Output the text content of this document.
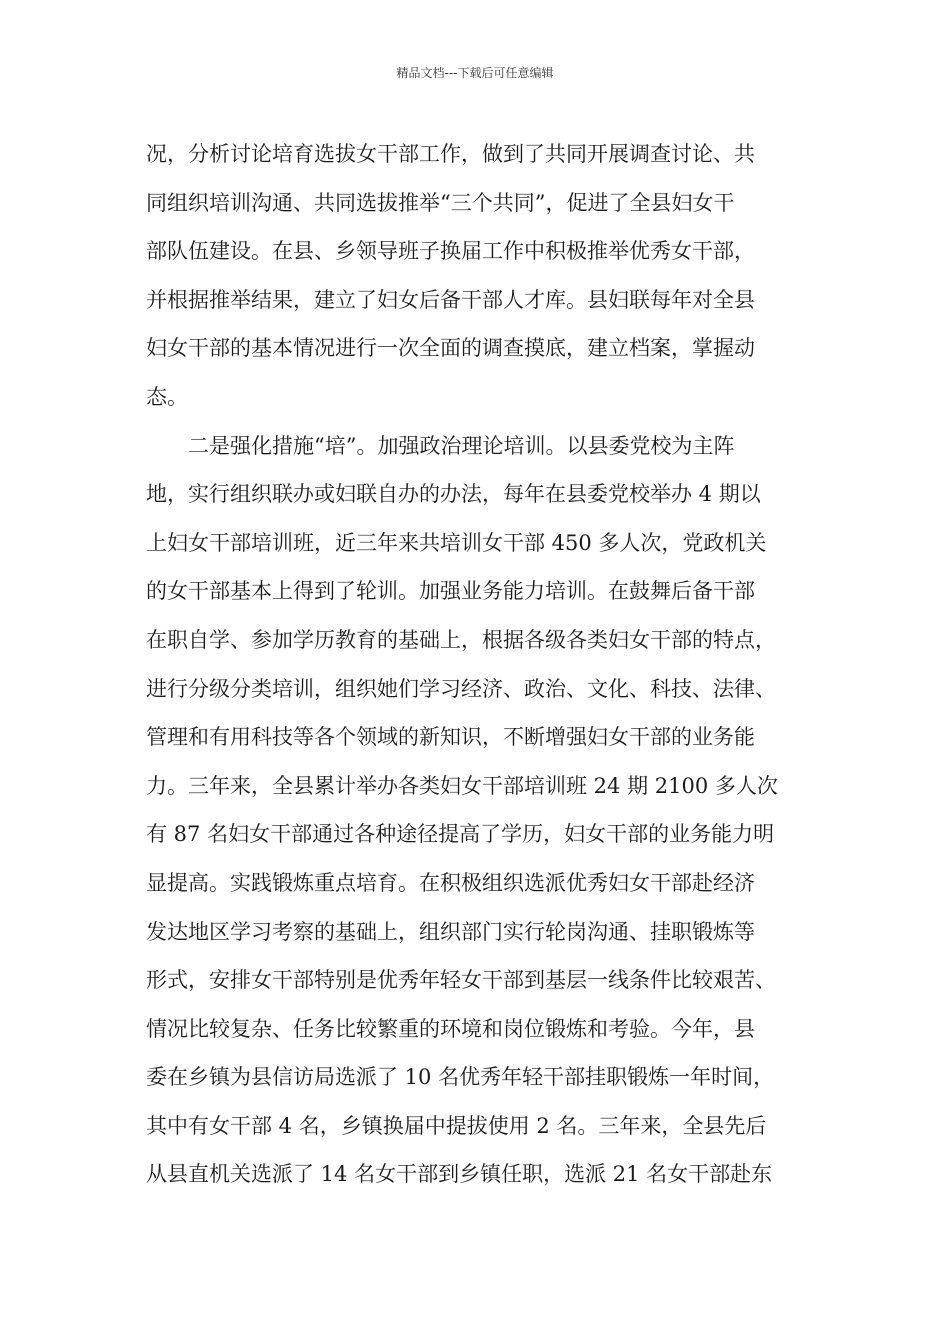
精品文档---下载后可任意编辑
况，分析讨论培育选拔女干部工作，做到了共同开展调查讨论、共
同组织培训沟通、共同选拔推举“三个共同”，促进了全县妇女干
部队伍建设。在县、乡领导班子换届工作中积极推举优秀女干部，
并根据推举结果，建立了妇女后备干部人才库。县妇联每年对全县
妇女干部的基本情况进行一次全面的调查摸底，建立档案，掌握动
态。
　　二是强化措施“培”。加强政治理论培训。以县委党校为主阵
地，实行组织联办或妇联自办的办法，每年在县委党校举办 4 期以
上妇女干部培训班，近三年来共培训女干部 450 多人次，党政机关
的女干部基本上得到了轮训。加强业务能力培训。在鼓舞后备干部
在职自学、参加学历教育的基础上，根据各级各类妇女干部的特点，
进行分级分类培训，组织她们学习经济、政治、文化、科技、法律、
管理和有用科技等各个领域的新知识，不断增强妇女干部的业务能
力。三年来，全县累计举办各类妇女干部培训班 24 期 2100 多人次
有 87 名妇女干部通过各种途径提高了学历，妇女干部的业务能力明
显提高。实践锻炼重点培育。在积极组织选派优秀妇女干部赴经济
发达地区学习考察的基础上，组织部门实行轮岗沟通、挂职锻炼等
形式，安排女干部特别是优秀年轻女干部到基层一线条件比较艰苦、
情况比较复杂、任务比较繁重的环境和岗位锻炼和考验。今年，县
委在乡镇为县信访局选派了 10 名优秀年轻干部挂职锻炼一年时间，
其中有女干部 4 名，乡镇换届中提拔使用 2 名。三年来，全县先后
从县直机关选派了 14 名女干部到乡镇任职，选派 21 名女干部赴东
